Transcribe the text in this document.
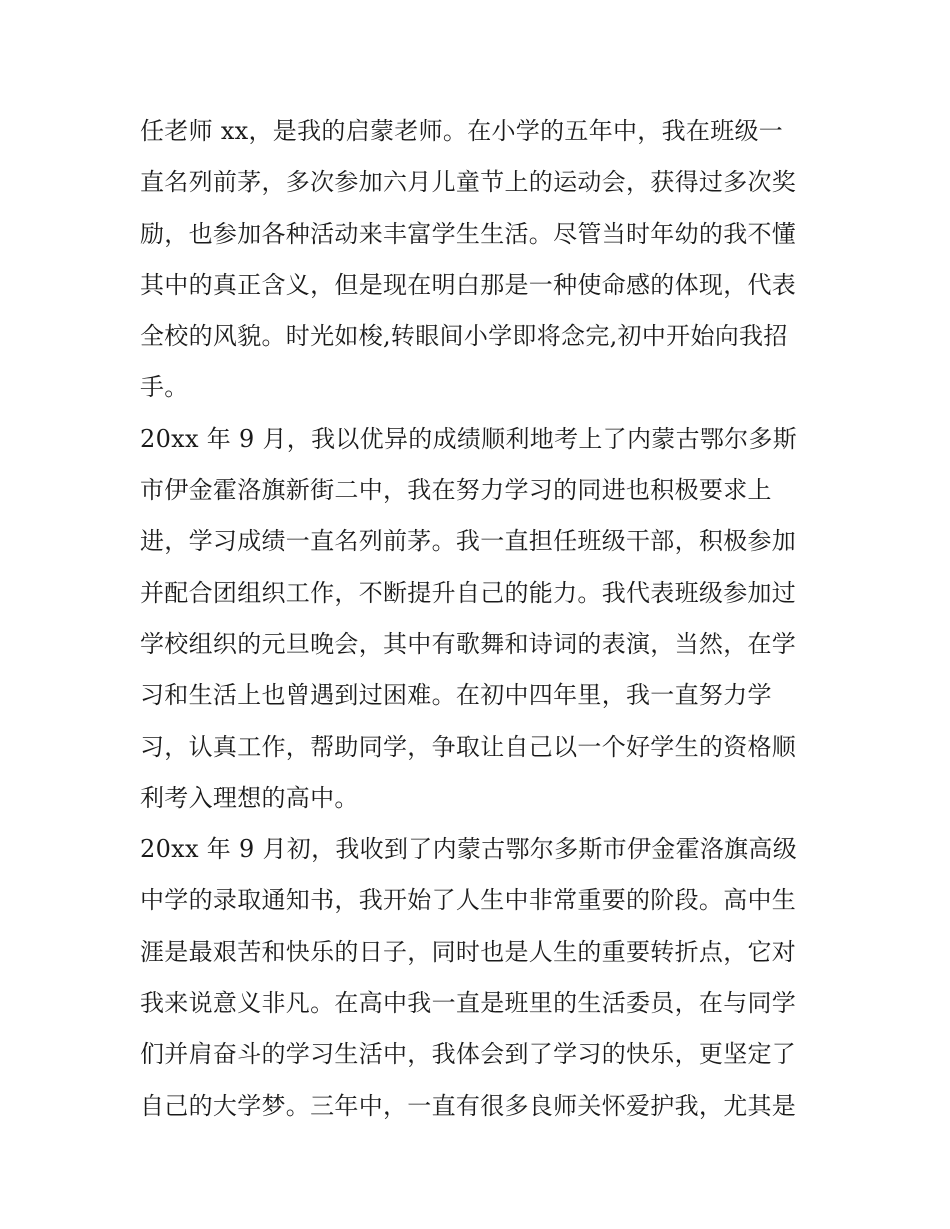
任老师 xx，是我的启蒙老师。在小学的五年中，我在班级一
直名列前茅，多次参加六月儿童节上的运动会，获得过多次奖
励，也参加各种活动来丰富学生生活。尽管当时年幼的我不懂
其中的真正含义，但是现在明白那是一种使命感的体现，代表
全校的风貌。时光如梭,转眼间小学即将念完,初中开始向我招
手。
20xx 年 9 月，我以优异的成绩顺利地考上了内蒙古鄂尔多斯
市伊金霍洛旗新街二中，我在努力学习的同进也积极要求上
进，学习成绩一直名列前茅。我一直担任班级干部，积极参加
并配合团组织工作，不断提升自己的能力。我代表班级参加过
学校组织的元旦晚会，其中有歌舞和诗词的表演，当然，在学
习和生活上也曾遇到过困难。在初中四年里，我一直努力学
习，认真工作，帮助同学，争取让自己以一个好学生的资格顺
利考入理想的高中。
20xx 年 9 月初，我收到了内蒙古鄂尔多斯市伊金霍洛旗高级
中学的录取通知书，我开始了人生中非常重要的阶段。高中生
涯是最艰苦和快乐的日子，同时也是人生的重要转折点，它对
我来说意义非凡。在高中我一直是班里的生活委员，在与同学
们并肩奋斗的学习生活中，我体会到了学习的快乐，更坚定了
自己的大学梦。三年中，一直有很多良师关怀爱护我，尤其是
